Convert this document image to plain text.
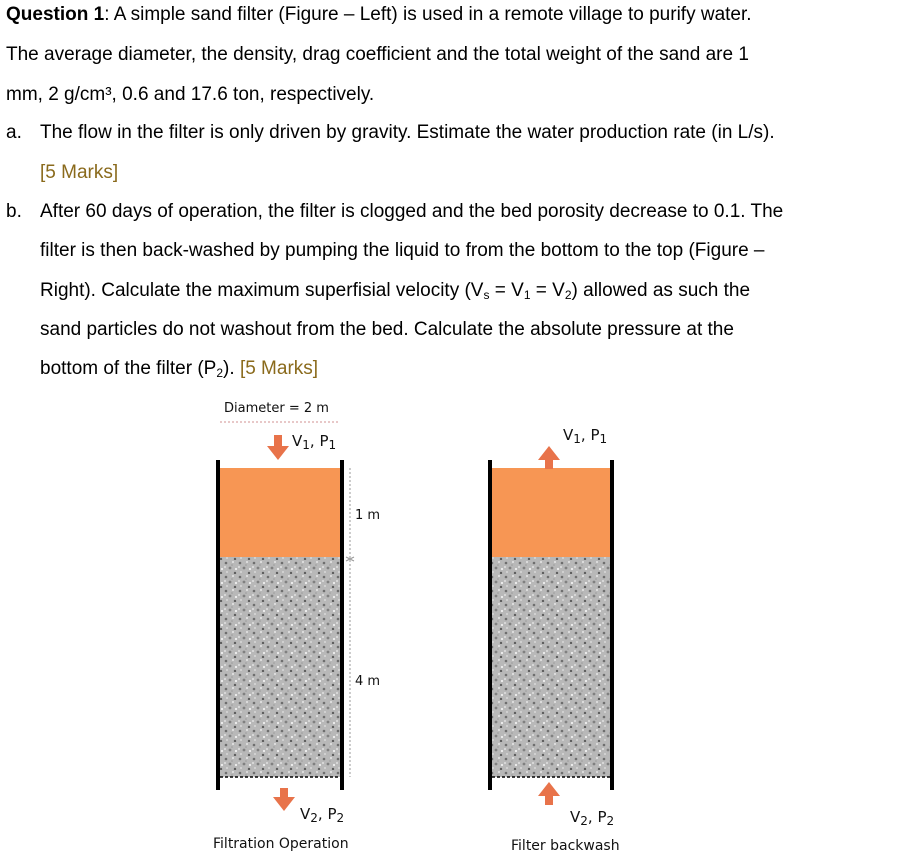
Question 1: A simple sand filter (Figure – Left) is used in a remote village to purify water.
The average diameter, the density, drag coefficient and the total weight of the sand are 1
mm, 2 g/cm³, 0.6 and 17.6 ton, respectively.
a. The flow in the filter is only driven by gravity. Estimate the water production rate (in L/s).
[5 Marks]
b. After 60 days of operation, the filter is clogged and the bed porosity decrease to 0.1. The
filter is then back-washed by pumping the liquid to from the bottom to the top (Figure –
Right). Calculate the maximum superfisial velocity $(V_s = V_1 = V_2)$ allowed as such the
sand particles do not washout from the bed. Calculate the absolute pressure at the
bottom of the filter $(P_2)$. [5 Marks]
Diameter = 2 m
$V_1$, $P_1$
$V_1$, $P_1$
1 m
4 m
$V_2$, $P_2$	$V_2$, $P_2$
Filtration Operation	Filter backwash
